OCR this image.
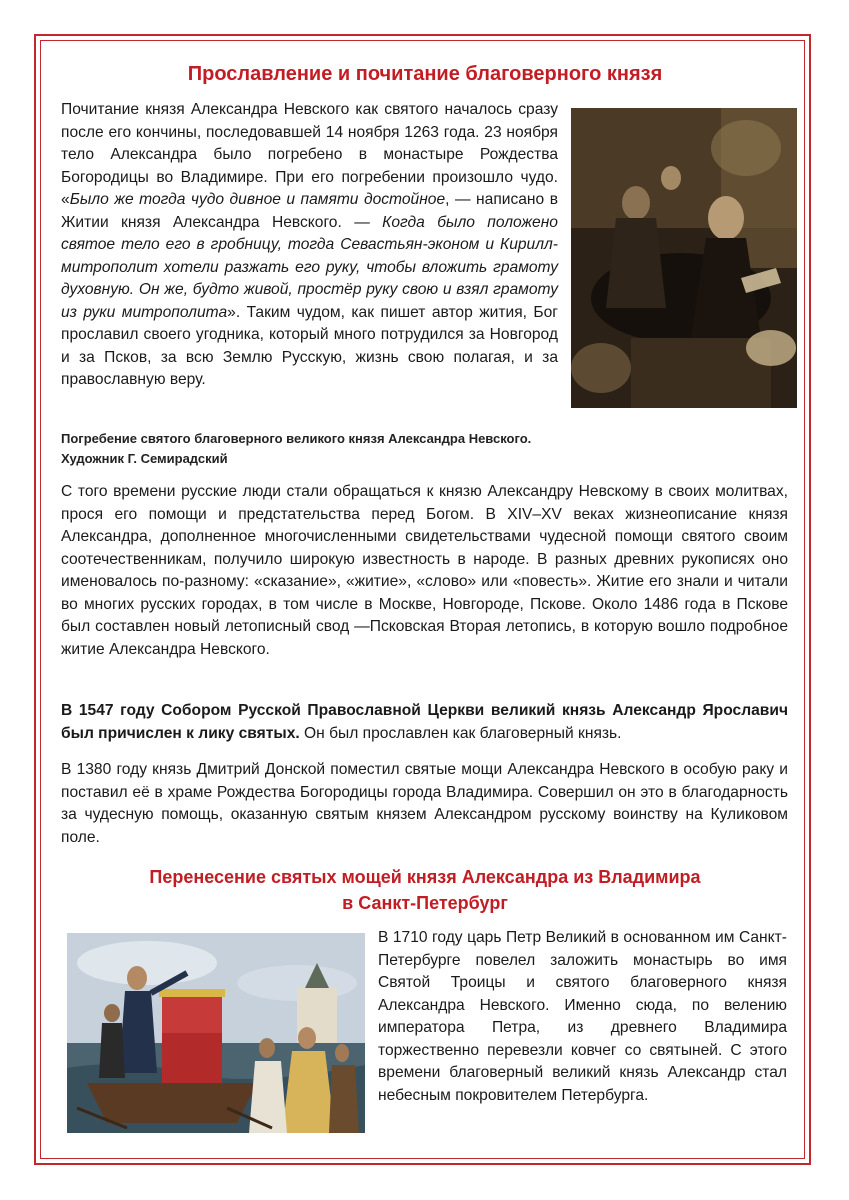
Прославление и почитание благоверного князя

Почитание князя Александра Невского как святого началось сразу после его кончины, последовавшей 14 ноября 1263 года. 23 ноября тело Александра было погребено в монастыре Рождества Богородицы во Владимире. При его погребении произошло чудо. «Было же тогда чудо дивное и памяти достойное, — написано в Житии князя Александра Невского. — Когда было положено святое тело его в гробницу, тогда Севастьян-эконом и Кирилл-митрополит хотели разжать его руку, чтобы вложить грамоту духовную. Он же, будто живой, простёр руку свою и взял грамоту из руки митрополита». Таким чудом, как пишет автор жития, Бог прославил своего угодника, который много потрудился за Новгород и за Псков, за всю Землю Русскую, жизнь свою полагая, и за православную веру.

Погребение святого благоверного великого князя Александра Невского.
Художник Г. Семирадский

С того времени русские люди стали обращаться к князю Александру Невскому в своих молитвах, прося его помощи и предстательства перед Богом. В XIV–XV веках жизнеописание князя Александра, дополненное многочисленными свидетельствами чудесной помощи святого своим соотечественникам, получило широкую известность в народе. В разных древних рукописях оно именовалось по-разному: «сказание», «житие», «слово» или «повесть». Житие его знали и читали во многих русских городах, в том числе в Москве, Новгороде, Пскове. Около 1486 года в Пскове был составлен новый летописный свод —Псковская Вторая летопись, в которую вошло подробное житие Александра Невского.

В 1547 году Собором Русской Православной Церкви великий князь Александр Ярославич был причислен к лику святых. Он был прославлен как благоверный князь.

В 1380 году князь Дмитрий Донской поместил святые мощи Александра Невского в особую раку и поставил её в храме Рождества Богородицы города Владимира. Совершил он это в благодарность за чудесную помощь, оказанную святым князем Александром русскому воинству на Куликовом поле.

Перенесение святых мощей князя Александра из Владимира
в Санкт-Петербург

В 1710 году царь Петр Великий в основанном им Санкт-Петербурге повелел заложить монастырь во имя Святой Троицы и святого благоверного князя Александра Невского. Именно сюда, по велению императора Петра, из древнего Владимира торжественно перевезли ковчег со святыней. С этого времени благоверный великий князь Александр стал небесным покровителем Петербурга.
